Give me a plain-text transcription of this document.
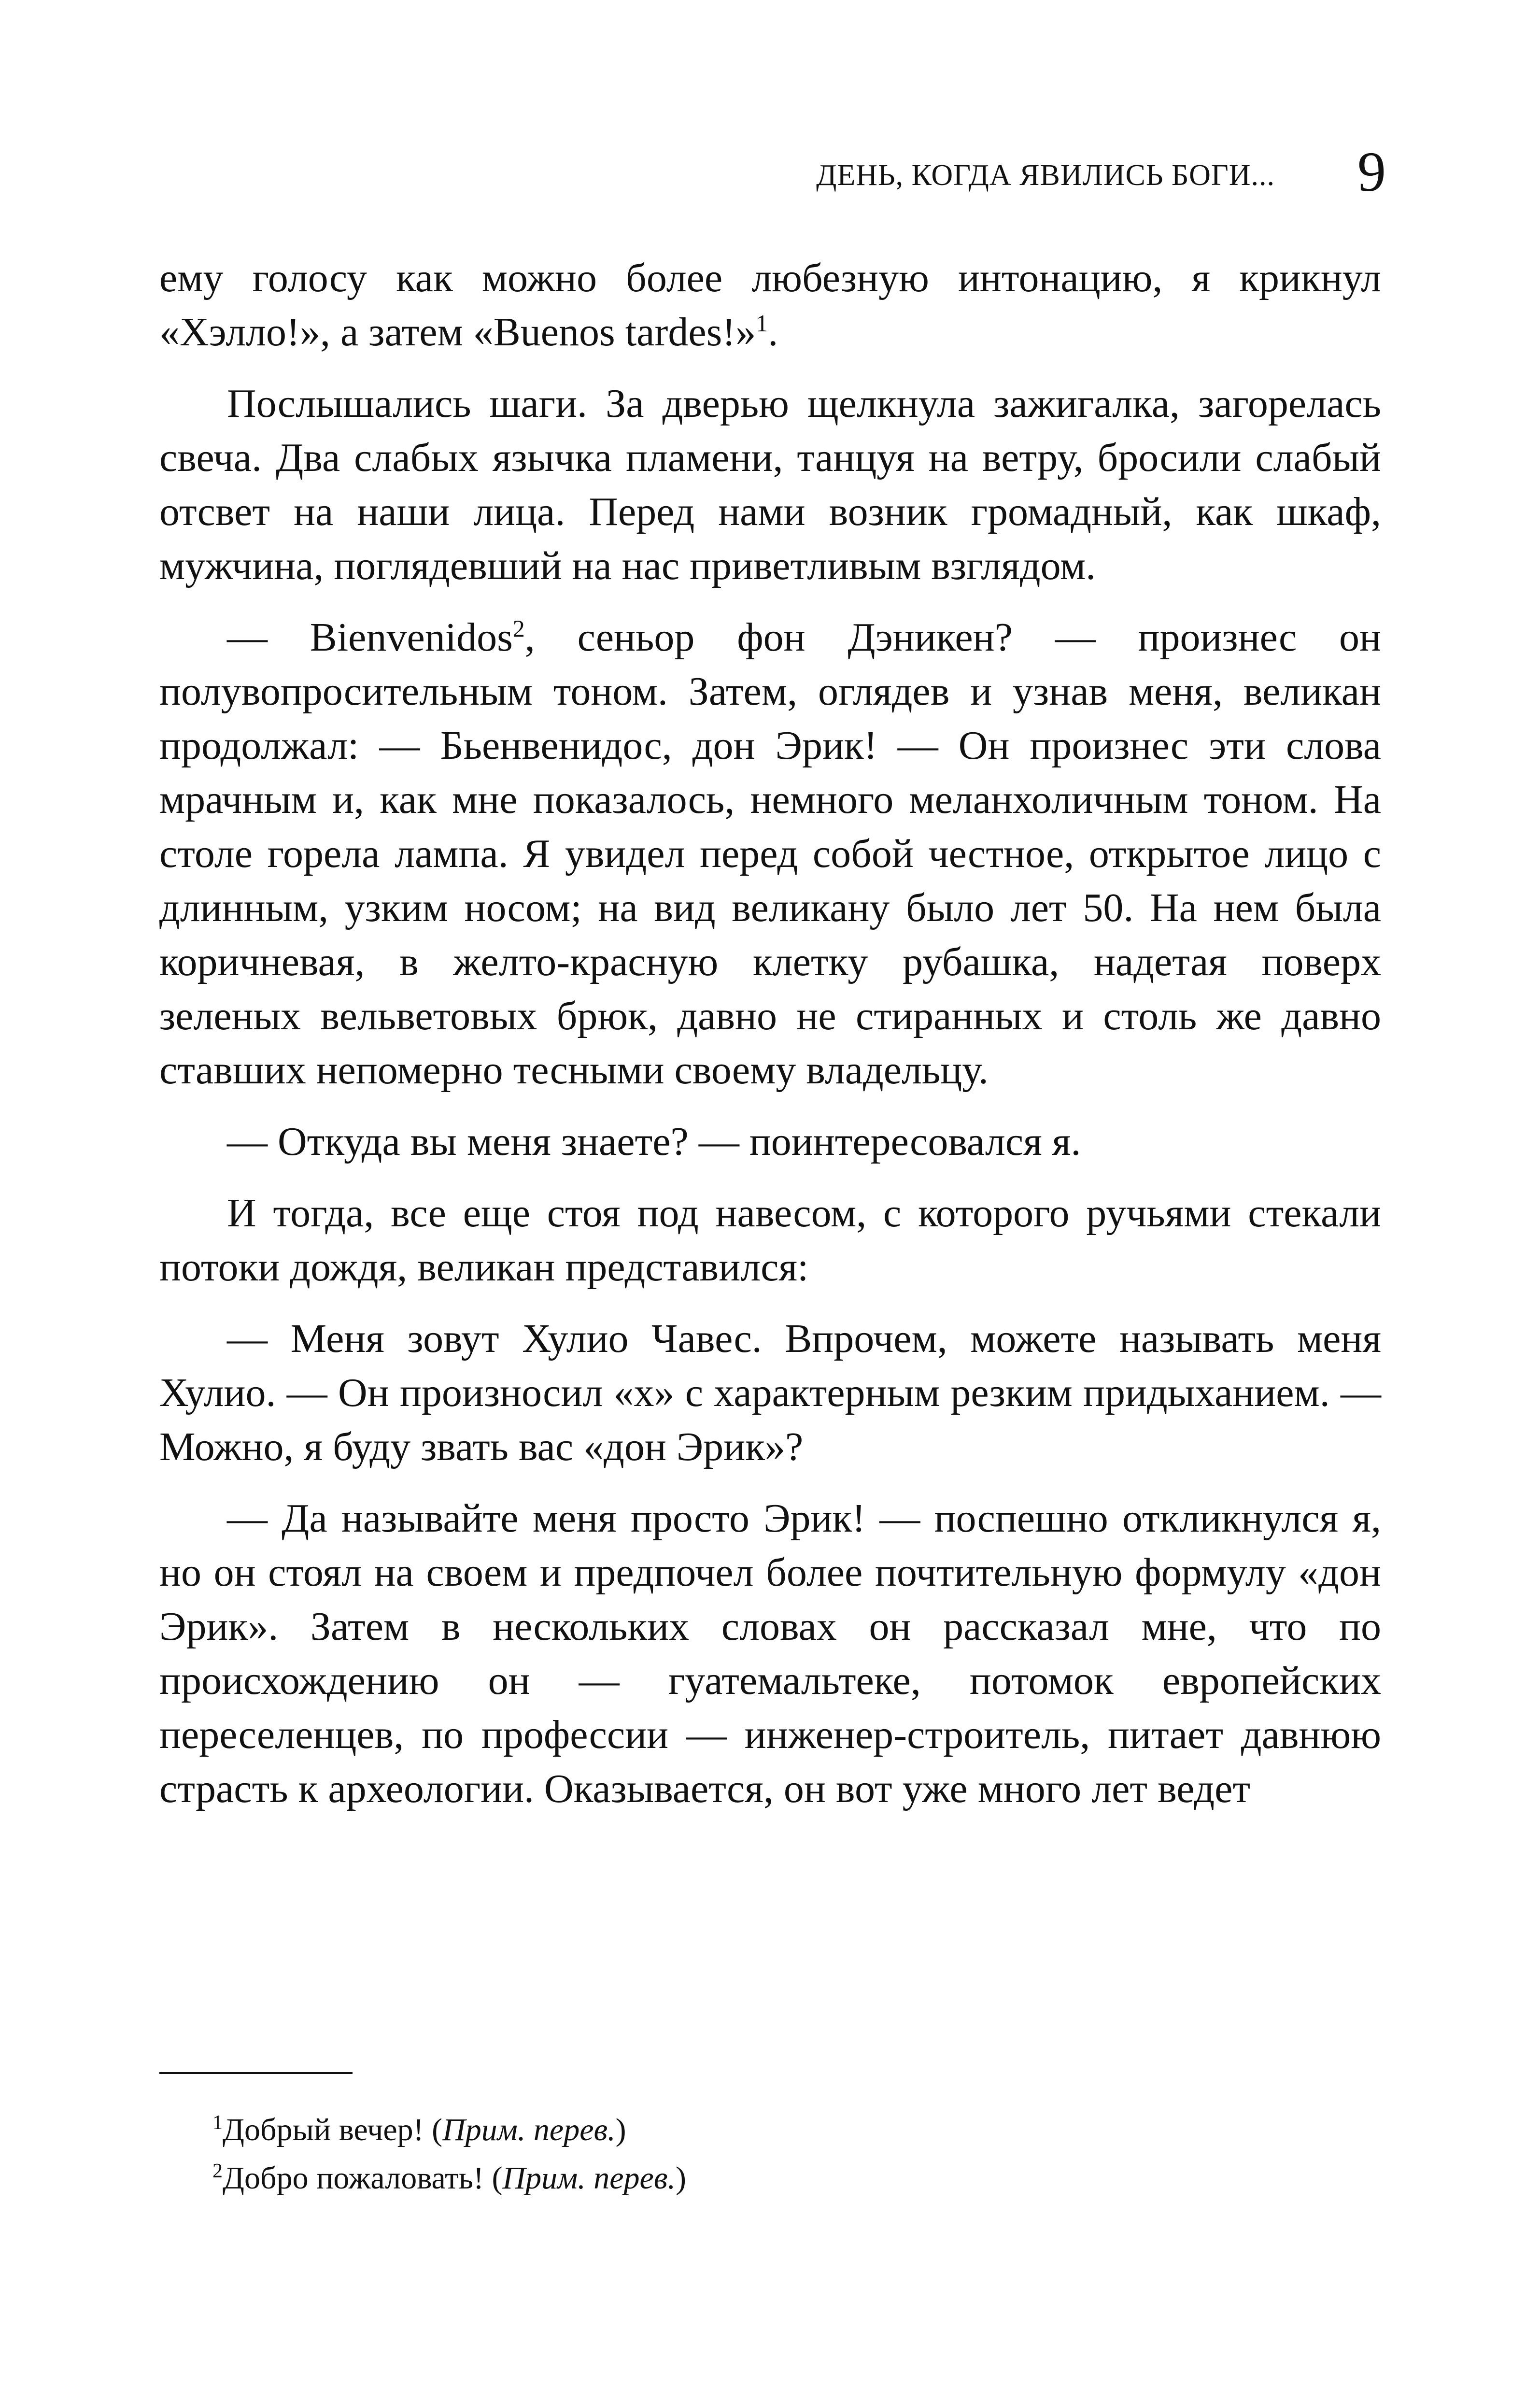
ДЕНЬ, КОГДА ЯВИЛИСЬ БОГИ... 9

ему голосу как можно более любезную интонацию, я крикнул «Хэлло!», а затем «Buenos tardes!»$^1$.

Послышались шаги. За дверью щелкнула зажигалка, загорелась свеча. Два слабых язычка пламени, танцуя на ветру, бросили слабый отсвет на наши лица. Перед нами возник громадный, как шкаф, мужчина, поглядевший на нас приветливым взглядом.

— Bienvenidos$^2$, сеньор фон Дэникен? — произнес он полувопросительным тоном. Затем, оглядев и узнав меня, великан продолжал: — Бьенвенидос, дон Эрик! — Он произнес эти слова мрачным и, как мне показалось, немного меланхоличным тоном. На столе горела лампа. Я увидел перед собой честное, открытое лицо с длинным, узким носом; на вид великану было лет 50. На нем была коричневая, в желто-красную клетку рубашка, надетая поверх зеленых вельветовых брюк, давно не стиранных и столь же давно ставших непомерно тесными своему владельцу.

— Откуда вы меня знаете? — поинтересовался я.

И тогда, все еще стоя под навесом, с которого ручьями стекали потоки дождя, великан представился:

— Меня зовут Хулио Чавес. Впрочем, можете называть меня Хулио. — Он произносил «х» с характерным резким придыханием. — Можно, я буду звать вас «дон Эрик»?

— Да называйте меня просто Эрик! — поспешно откликнулся я, но он стоял на своем и предпочел более почтительную формулу «дон Эрик». Затем в нескольких словах он рассказал мне, что по происхождению он — гуатемальтеке, потомок европейских переселенцев, по профессии — инженер-строитель, питает давнюю страсть к археологии. Оказывается, он вот уже много лет ведет

$^1$Добрый вечер! (Прим. перев.)
$^2$Добро пожаловать! (Прим. перев.)
